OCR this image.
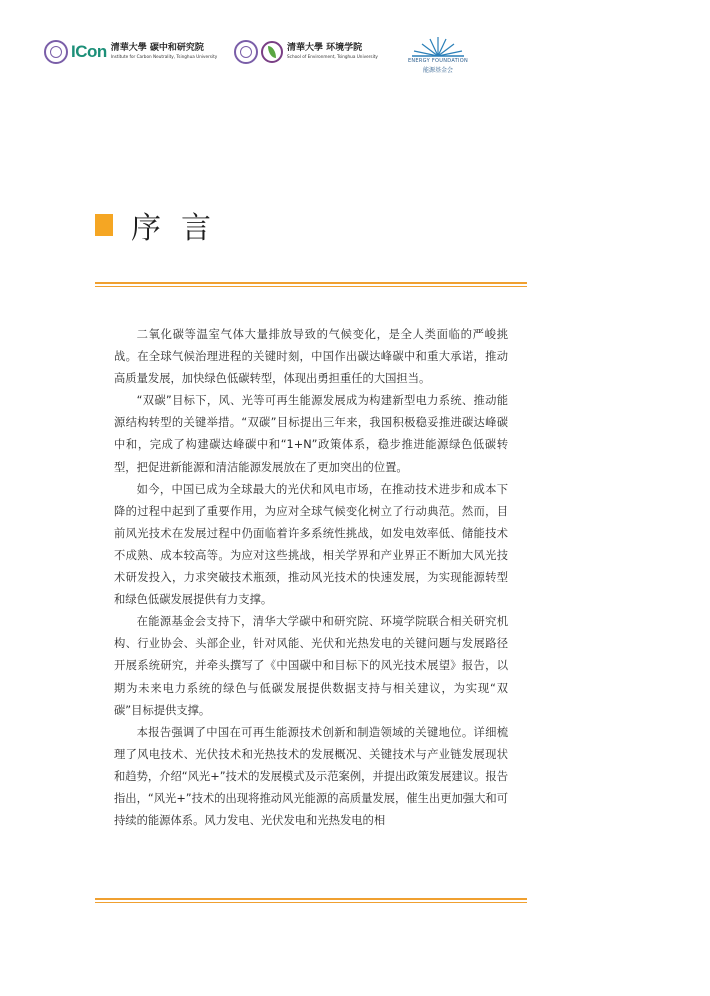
ICon 清華大學 碳中和研究院
Institute for Carbon Neutrality, Tsinghua University
清華大學 环境学院
School of Environment, Tsinghua University
ENERGY FOUNDATION
能源基金会
序言

二氧化碳等温室气体大量排放导致的气候变化，是全人类面临的严峻挑战。在全球气候治理进程的关键时刻，中国作出碳达峰碳中和重大承诺，推动高质量发展，加快绿色低碳转型，体现出勇担重任的大国担当。

“双碳”目标下，风、光等可再生能源发展成为构建新型电力系统、推动能源结构转型的关键举措。“双碳”目标提出三年来，我国积极稳妥推进碳达峰碳中和，完成了构建碳达峰碳中和“1+N”政策体系，稳步推进能源绿色低碳转型，把促进新能源和清洁能源发展放在了更加突出的位置。

如今，中国已成为全球最大的光伏和风电市场，在推动技术进步和成本下降的过程中起到了重要作用，为应对全球气候变化树立了行动典范。然而，目前风光技术在发展过程中仍面临着许多系统性挑战，如发电效率低、储能技术不成熟、成本较高等。为应对这些挑战，相关学界和产业界正不断加大风光技术研发投入，力求突破技术瓶颈，推动风光技术的快速发展，为实现能源转型和绿色低碳发展提供有力支撑。

在能源基金会支持下，清华大学碳中和研究院、环境学院联合相关研究机构、行业协会、头部企业，针对风能、光伏和光热发电的关键问题与发展路径开展系统研究，并牵头撰写了《中国碳中和目标下的风光技术展望》报告，以期为未来电力系统的绿色与低碳发展提供数据支持与相关建议，为实现“双碳”目标提供支撑。

本报告强调了中国在可再生能源技术创新和制造领域的关键地位。详细梳理了风电技术、光伏技术和光热技术的发展概况、关键技术与产业链发展现状和趋势，介绍“风光+”技术的发展模式及示范案例，并提出政策发展建议。报告指出，“风光+”技术的出现将推动风光能源的高质量发展，催生出更加强大和可持续的能源体系。风力发电、光伏发电和光热发电的相
